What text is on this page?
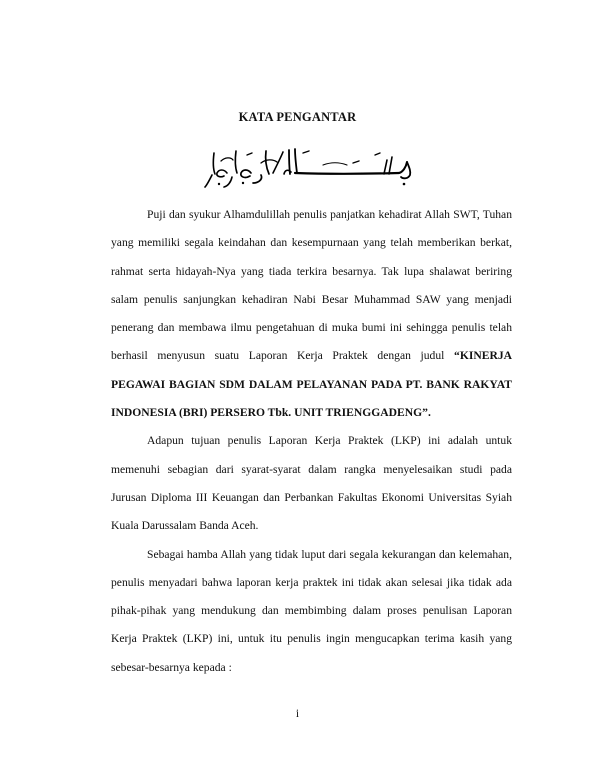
KATA PENGANTAR

Puji dan syukur Alhamdulillah penulis panjatkan kehadirat Allah SWT, Tuhan yang memiliki segala keindahan dan kesempurnaan yang telah memberikan berkat, rahmat serta hidayah-Nya yang tiada terkira besarnya. Tak lupa shalawat beriring salam penulis sanjungkan kehadiran Nabi Besar Muhammad SAW yang menjadi penerang dan membawa ilmu pengetahuan di muka bumi ini sehingga penulis telah berhasil menyusun suatu Laporan Kerja Praktek dengan judul “KINERJA PEGAWAI BAGIAN SDM DALAM PELAYANAN PADA PT. BANK RAKYAT INDONESIA (BRI) PERSERO Tbk. UNIT TRIENGGADENG”.

Adapun tujuan penulis Laporan Kerja Praktek (LKP) ini adalah untuk memenuhi sebagian dari syarat-syarat dalam rangka menyelesaikan studi pada Jurusan Diploma III Keuangan dan Perbankan Fakultas Ekonomi Universitas Syiah Kuala Darussalam Banda Aceh.

Sebagai hamba Allah yang tidak luput dari segala kekurangan dan kelemahan, penulis menyadari bahwa laporan kerja praktek ini tidak akan selesai jika tidak ada pihak-pihak yang mendukung dan membimbing dalam proses penulisan Laporan Kerja Praktek (LKP) ini, untuk itu penulis ingin mengucapkan terima kasih yang sebesar-besarnya kepada :

i
